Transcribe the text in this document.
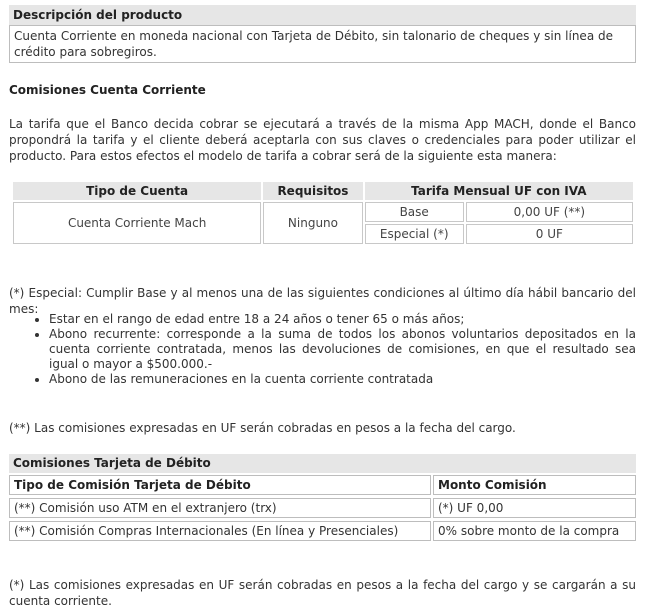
Descripción del producto
Cuenta Corriente en moneda nacional con Tarjeta de Débito, sin talonario de cheques y sin línea de crédito para sobregiros.
Comisiones Cuenta Corriente
La tarifa que el Banco decida cobrar se ejecutará a través de la misma App MACH, donde el Banco propondrá la tarifa y el cliente deberá aceptarla con sus claves o credenciales para poder utilizar el producto. Para estos efectos el modelo de tarifa a cobrar será de la siguiente esta manera:
Tipo de Cuenta	Requisitos	Tarifa Mensual UF con IVA	
Cuenta Corriente Mach	Ninguno	Base	0,00 UF (**)
		Especial (*)	0 UF
(*) Especial: Cumplir Base y al menos una de las siguientes condiciones al último día hábil bancario del mes:
• Estar en el rango de edad entre 18 a 24 años o tener 65 o más años;
• Abono recurrente: corresponde a la suma de todos los abonos voluntarios depositados en la cuenta corriente contratada, menos las devoluciones de comisiones, en que el resultado sea igual o mayor a $500.000.-
• Abono de las remuneraciones en la cuenta corriente contratada
(**) Las comisiones expresadas en UF serán cobradas en pesos a la fecha del cargo.
Comisiones Tarjeta de Débito
Tipo de Comisión Tarjeta de Débito	Monto Comisión
(**) Comisión uso ATM en el extranjero (trx)	(*) UF 0,00
(**) Comisión Compras Internacionales (En línea y Presenciales)	0% sobre monto de la compra
(*) Las comisiones expresadas en UF serán cobradas en pesos a la fecha del cargo y se cargarán a su cuenta corriente.
